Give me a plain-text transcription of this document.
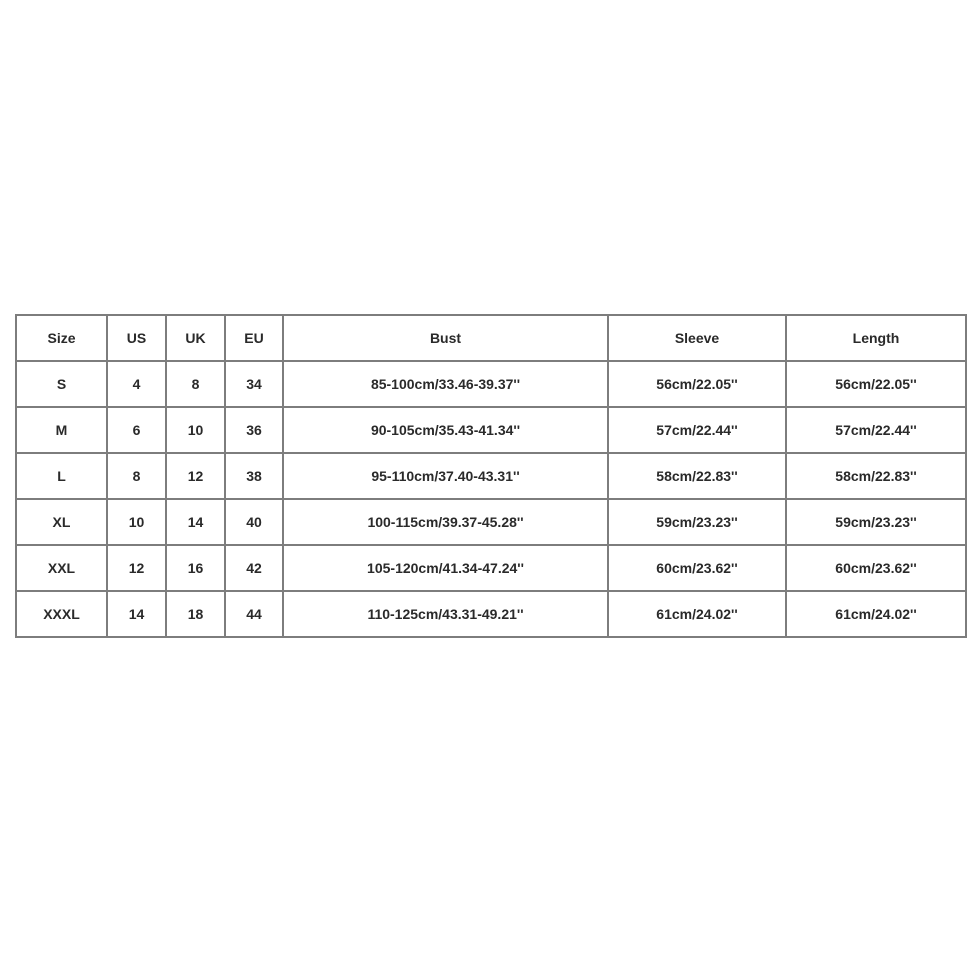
Size	US	UK	EU	Bust	Sleeve	Length
S	4	8	34	85-100cm/33.46-39.37''	56cm/22.05''	56cm/22.05''
M	6	10	36	90-105cm/35.43-41.34''	57cm/22.44''	57cm/22.44''
L	8	12	38	95-110cm/37.40-43.31''	58cm/22.83''	58cm/22.83''
XL	10	14	40	100-115cm/39.37-45.28''	59cm/23.23''	59cm/23.23''
XXL	12	16	42	105-120cm/41.34-47.24''	60cm/23.62''	60cm/23.62''
XXXL	14	18	44	110-125cm/43.31-49.21''	61cm/24.02''	61cm/24.02''
